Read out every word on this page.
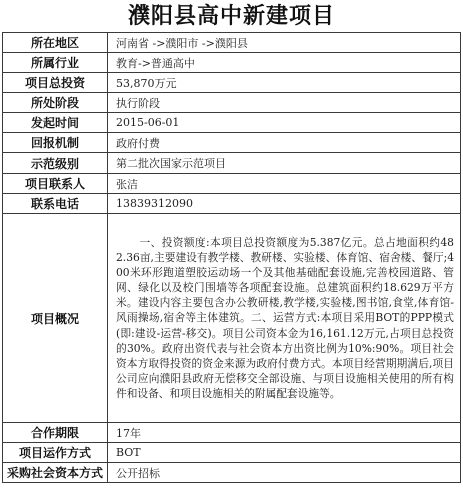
濮阳县高中新建项目
所在地区	河南省 ->濮阳市 ->濮阳县
所属行业	教育->普通高中
项目总投资	53,870万元
所处阶段	执行阶段
发起时间	2015-06-01
回报机制	政府付费
示范级别	第二批次国家示范项目
项目联系人	张洁
联系电话	13839312090
项目概况	一、投资额度:本项目总投资额度为5.387亿元。总占地面积约482.36亩,主要建设有教学楼、教研楼、实验楼、体育馆、宿舍楼、餐厅;400米环形跑道塑胶运动场一个及其他基础配套设施,完善校园道路、管网、绿化以及校门围墙等各项配套设施。总建筑面积约18.629万平方米。建设内容主要包含办公教研楼,教学楼,实验楼,图书馆,食堂,体育馆-风雨操场,宿舍等主体建筑。二、运营方式:本项目采用BOT的PPP模式(即:建设-运营-移交)。项目公司资本金为16,161.12万元,占项目总投资的30%。政府出资代表与社会资本方出资比例为10%:90%。项目社会资本方取得投资的资金来源为政府付费方式。本项目经营期期满后,项目公司应向濮阳县政府无偿移交全部设施、与项目设施相关使用的所有构件和设备、和项目设施相关的附属配套设施等。
合作期限	17年
项目运作方式	BOT
采购社会资本方式	公开招标
